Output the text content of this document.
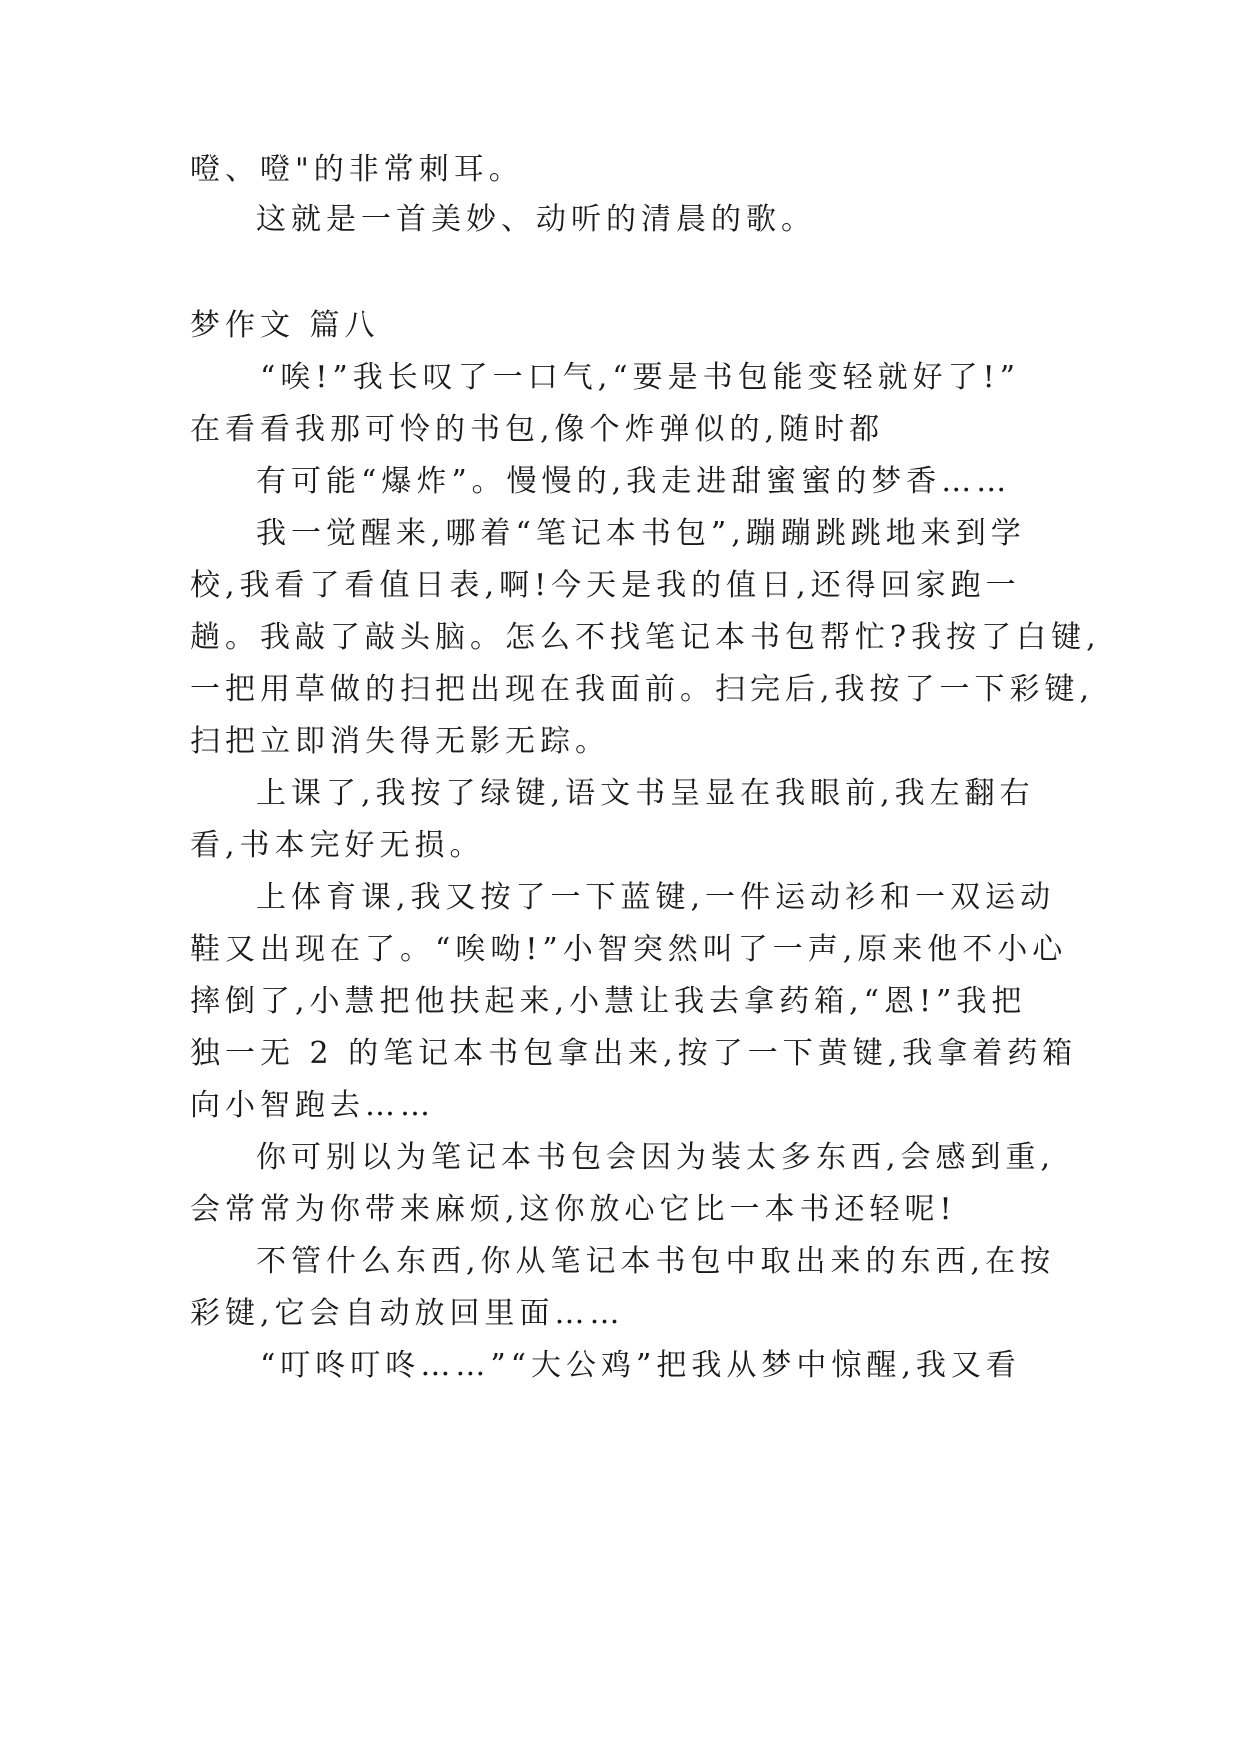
噔、噔"的非常刺耳。

这就是一首美妙、动听的清晨的歌。

梦作文 篇八

“唉!”我长叹了一口气,“要是书包能变轻就好了!”

在看看我那可怜的书包,像个炸弹似的,随时都

有可能“爆炸”。慢慢的,我走进甜蜜蜜的梦香……

我一觉醒来,哪着“笔记本书包”,蹦蹦跳跳地来到学

校,我看了看值日表,啊!今天是我的值日,还得回家跑一

趟。我敲了敲头脑。怎么不找笔记本书包帮忙?我按了白键,

一把用草做的扫把出现在我面前。扫完后,我按了一下彩键,

扫把立即消失得无影无踪。

上课了,我按了绿键,语文书呈显在我眼前,我左翻右

看,书本完好无损。

上体育课,我又按了一下蓝键,一件运动衫和一双运动

鞋又出现在了。“唉呦!”小智突然叫了一声,原来他不小心

摔倒了,小慧把他扶起来,小慧让我去拿药箱,“恩!”我把

独一无 2 的笔记本书包拿出来,按了一下黄键,我拿着药箱

向小智跑去……

你可别以为笔记本书包会因为装太多东西,会感到重,

会常常为你带来麻烦,这你放心它比一本书还轻呢!

不管什么东西,你从笔记本书包中取出来的东西,在按

彩键,它会自动放回里面……

“叮咚叮咚……”“大公鸡”把我从梦中惊醒,我又看
